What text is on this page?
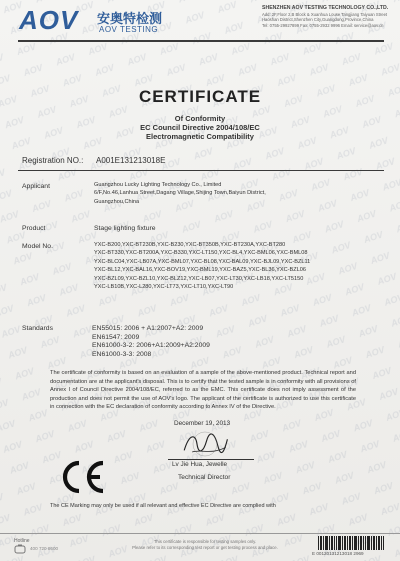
AOV 安奥特检测
AOV TESTING
SHENZHEN AOV TESTING TECHNOLOGY CO.,LTD.
Add: 2F,Floor 2,B Block & Xuanhua Louse Tangjiang Taiyuan Street
Haoshan District,Shenzhen City,Guangdong,Province,China
Tel: 0755-29927899 Fax: 0755-2932 9996 Email: service@aov.cn
CERTIFICATE
Of Conformity
EC Council Directive 2004/108/EC
Electromagnetic Compatibility
Registration NO.: A001E131213018E
Applicant	Guangzhou Lucky Lighting Technology Co., Limited
6/F,No.46,Lanhua Street,Dagang Village,Shijing Town,Baiyun District,
Guangzhou,China
Product	Stage lighting fixture
Model No.	YXC-B200,YXC-BT230B,YXC-B230,YXC-BT350B,YXC-BT230A,YXC-BT280
YXC-BT330,YXC-BT200A,YXC-B330,YXC-LT150,YXC-BL4,YXC-BML06,YXC-BML08
YXC-BLC04,YXC-LB07A,YXC-BML07,YXC-BL08,YXC-BAL09,YXC-BJL09,YXC-BZL11
YXC-BL12,YXC-BAL16,YXC-BOV19,YXC-BML19,YXC-BAZ5,YXC-BL36,YXC-BZL06
YXC-BZL09,YXC-BZL10,YXC-BLZ12,YXC-LB07,YXC-LT30,YXC-LB18,YXC-LT5150
YXC-LB10B,YXC-L280,YXC-LT73,YXC-LT10,YXC-LT90
Standards	EN55015: 2006 + A1:2007+A2: 2009
EN61547: 2009
EN61000-3-2: 2006+A1:2009+A2:2009
EN61000-3-3: 2008
The certificate of conformity is based on an evaluation of a sample of the above-mentioned product. Technical report and documentation are at the applicant's disposal. This is to certify that the tested sample is in conformity with all provisions of Annex I of Council Directive 2004/108/EC, referred to as the EMC. This certificate does not imply assessment of the production and does not permit the use of AOV's logo. The applicant of the certificate is authorized to use this certificate in connection with the EC declaration of conformity according to Annex IV of the Directive.
December 19, 2013
Lv Jie Hua, Jewelle
Technical Director
The CE Marking may only be used if all relevant and effective EC Directive are complied with
Hotline
400 720 8600
This certificate is responsible for testing samples only.
Please refer to its corresponding test report or get testing process and place.
E 00120131213018 2969
